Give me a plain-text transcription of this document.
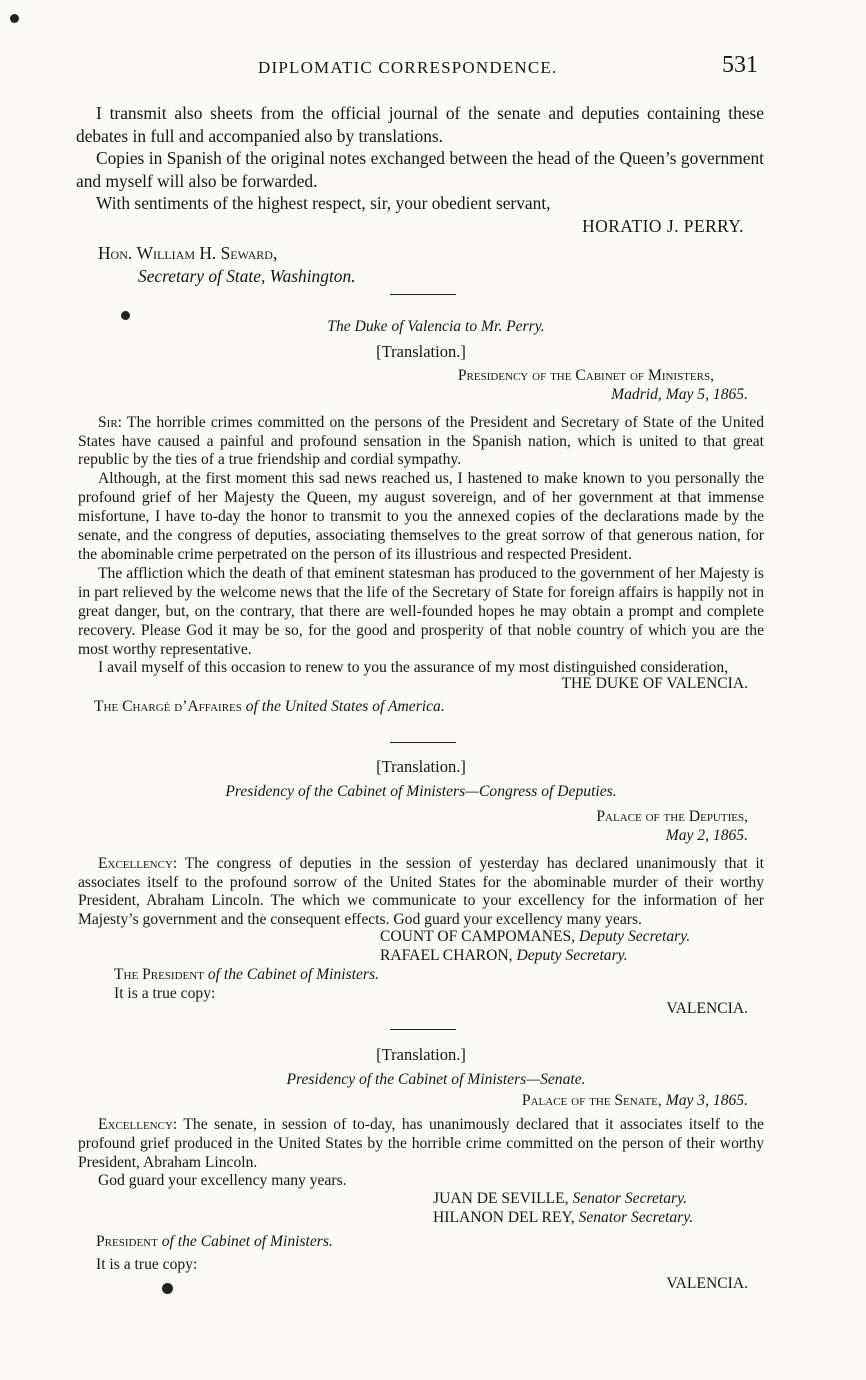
DIPLOMATIC CORRESPONDENCE.	531

I transmit also sheets from the official journal of the senate and deputies containing these debates in full and accompanied also by translations.

Copies in Spanish of the original notes exchanged between the head of the Queen’s government and myself will also be forwarded.

With sentiments of the highest respect, sir, your obedient servant,

HORATIO J. PERRY.
Hon. William H. Seward,
Secretary of State, Washington.
The Duke of Valencia to Mr. Perry.
[Translation.]
Presidency of the Cabinet of Ministers,
Madrid, May 5, 1865.

Sir: The horrible crimes committed on the persons of the President and Secretary of State of the United States have caused a painful and profound sensation in the Spanish nation, which is united to that great republic by the ties of a true friendship and cordial sympathy.

Although, at the first moment this sad news reached us, I hastened to make known to you personally the profound grief of her Majesty the Queen, my august sovereign, and of her government at that immense misfortune, I have to-day the honor to transmit to you the annexed copies of the declarations made by the senate, and the congress of deputies, associating themselves to the great sorrow of that generous nation, for the abominable crime perpetrated on the person of its illustrious and respected President.

The affliction which the death of that eminent statesman has produced to the government of her Majesty is in part relieved by the welcome news that the life of the Secretary of State for foreign affairs is happily not in great danger, but, on the contrary, that there are well-founded hopes he may obtain a prompt and complete recovery. Please God it may be so, for the good and prosperity of that noble country of which you are the most worthy representative.

I avail myself of this occasion to renew to you the assurance of my most distinguished consideration,

THE DUKE OF VALENCIA.
The Chargé d’Affaires of the United States of America.
[Translation.]
Presidency of the Cabinet of Ministers—Congress of Deputies.
Palace of the Deputies,
May 2, 1865.

Excellency: The congress of deputies in the session of yesterday has declared unanimously that it associates itself to the profound sorrow of the United States for the abominable murder of their worthy President, Abraham Lincoln. The which we communicate to your excellency for the information of her Majesty’s government and the consequent effects. God guard your excellency many years.

COUNT OF CAMPOMANES, Deputy Secretary.
RAFAEL CHARON, Deputy Secretary.
The President of the Cabinet of Ministers.
It is a true copy:
VALENCIA.
[Translation.]
Presidency of the Cabinet of Ministers—Senate.
Palace of the Senate, May 3, 1865.

Excellency: The senate, in session of to-day, has unanimously declared that it associates itself to the profound grief produced in the United States by the horrible crime committed on the person of their worthy President, Abraham Lincoln.

God guard your excellency many years.

JUAN DE SEVILLE, Senator Secretary.
HILANON DEL REY, Senator Secretary.
President of the Cabinet of Ministers.
It is a true copy:
VALENCIA.
